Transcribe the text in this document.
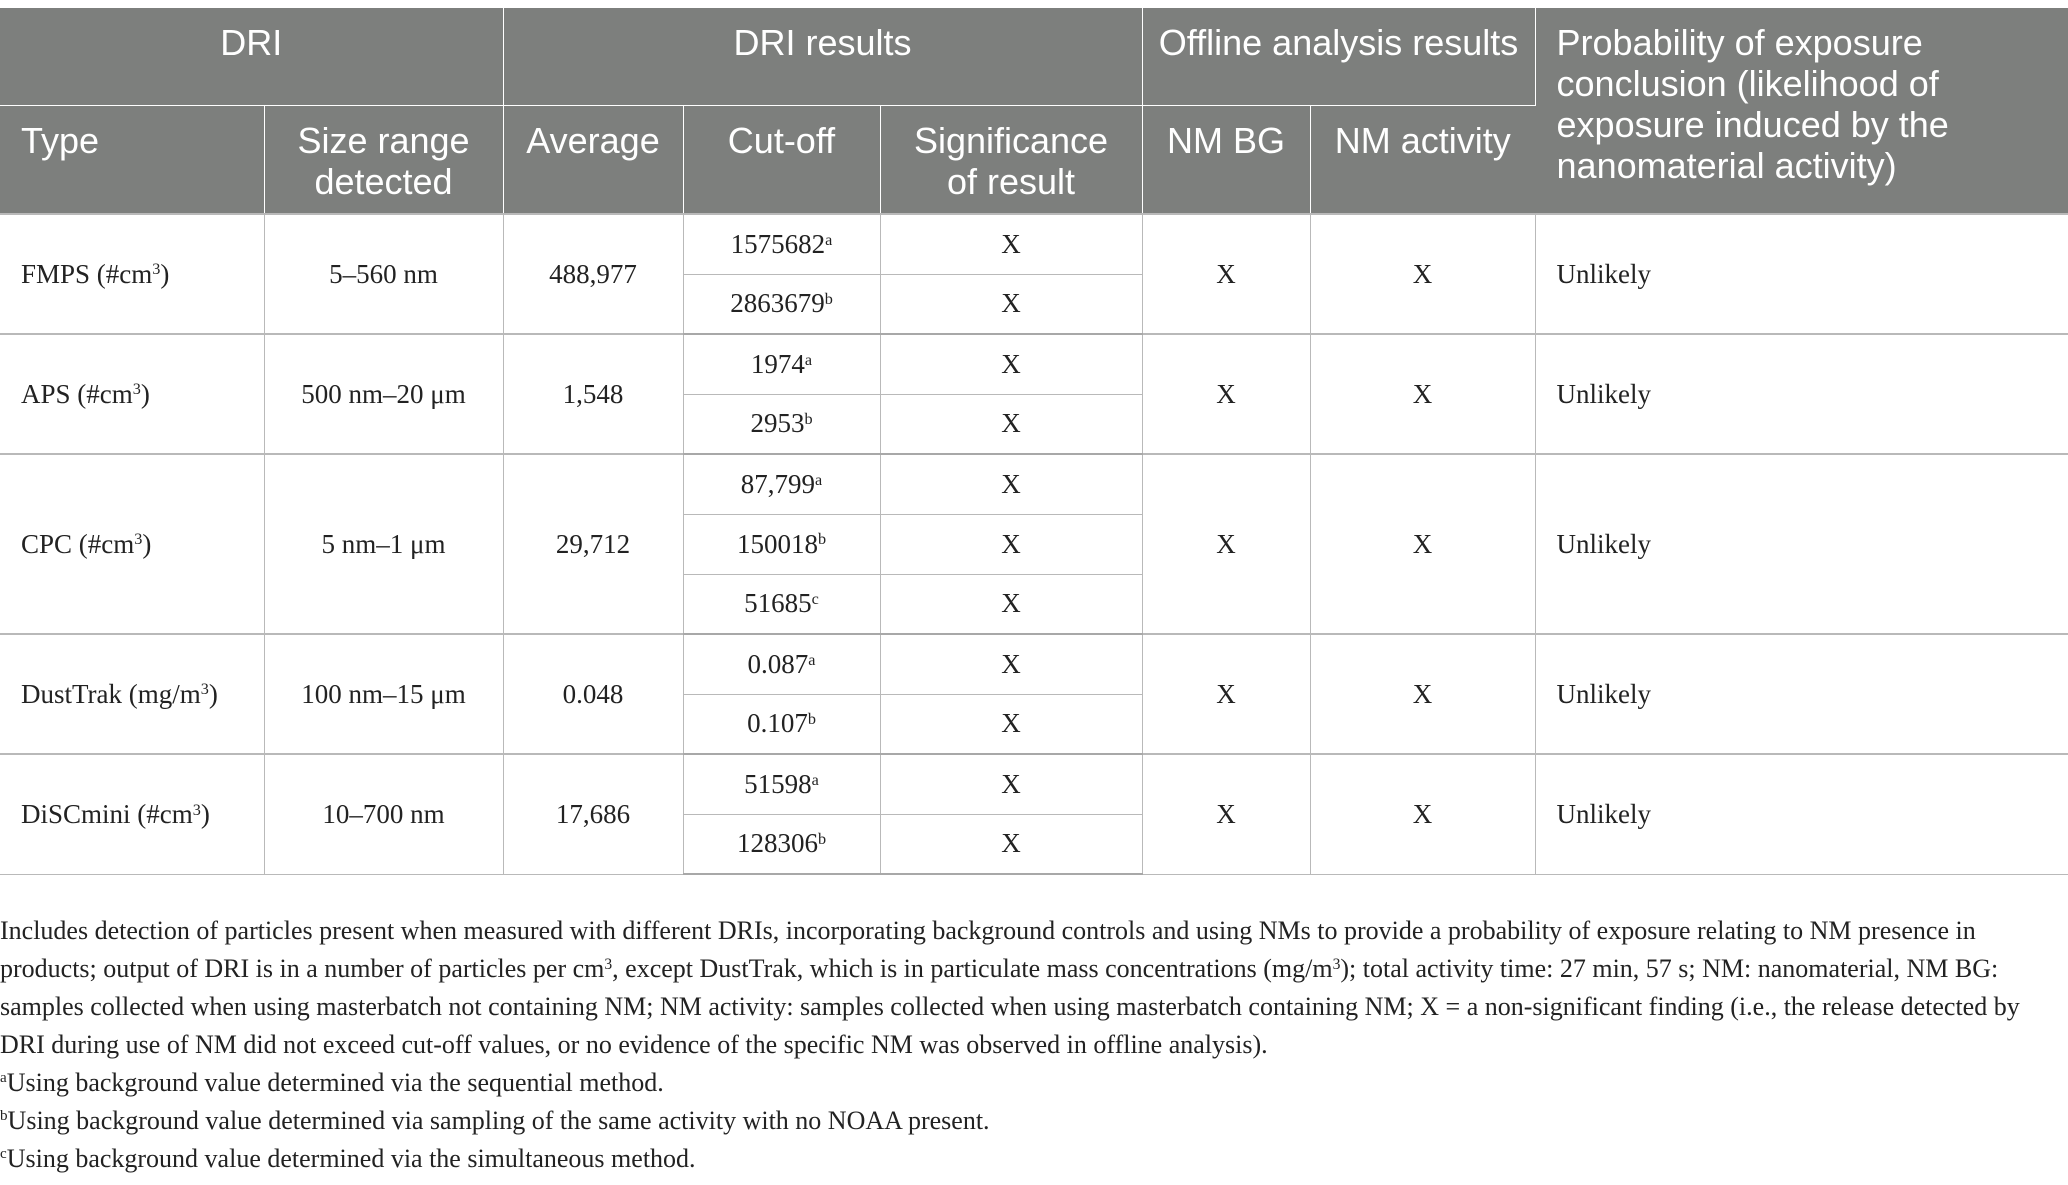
DRI		DRI results			Offline analysis results		Probability of exposure conclusion (likelihood of exposure induced by the nanomaterial activity)
Type	Size range detected	Average	Cut-off	Significance of result	NM BG	NM activity	
FMPS $(\#cm^3)$	5–560 nm	488,977	1575682$^a$	X	X	X	Unlikely
			2863679$^b$	X			
APS $(\#cm^3)$	500 nm–20 μm	1,548	1974$^a$	X	X	X	Unlikely
			2953$^b$	X			
CPC $(\#cm^3)$	5 nm–1 μm	29,712	87,799$^a$	X	X	X	Unlikely
			150018$^b$	X			
			51685$^c$	X			
DustTrak $(mg/m^3)$	100 nm–15 μm	0.048	0.087$^a$	X	X	X	Unlikely
			0.107$^b$	X			
DiSCmini $(\#cm^3)$	10–700 nm	17,686	51598$^a$	X	X	X	Unlikely
			128306$^b$	X			

Includes detection of particles present when measured with different DRIs, incorporating background controls and using NMs to provide a probability of exposure relating to NM presence in products; output of DRI is in a number of particles per $cm^3$, except DustTrak, which is in particulate mass concentrations $(mg/m^3)$; total activity time: 27 min, 57 s; NM: nanomaterial, NM BG: samples collected when using masterbatch not containing NM; NM activity: samples collected when using masterbatch containing NM; X = a non-significant finding (i.e., the release detected by DRI during use of NM did not exceed cut-off values, or no evidence of the specific NM was observed in offline analysis).

$^a$Using background value determined via the sequential method.

$^b$Using background value determined via sampling of the same activity with no NOAA present.

$^c$Using background value determined via the simultaneous method.
